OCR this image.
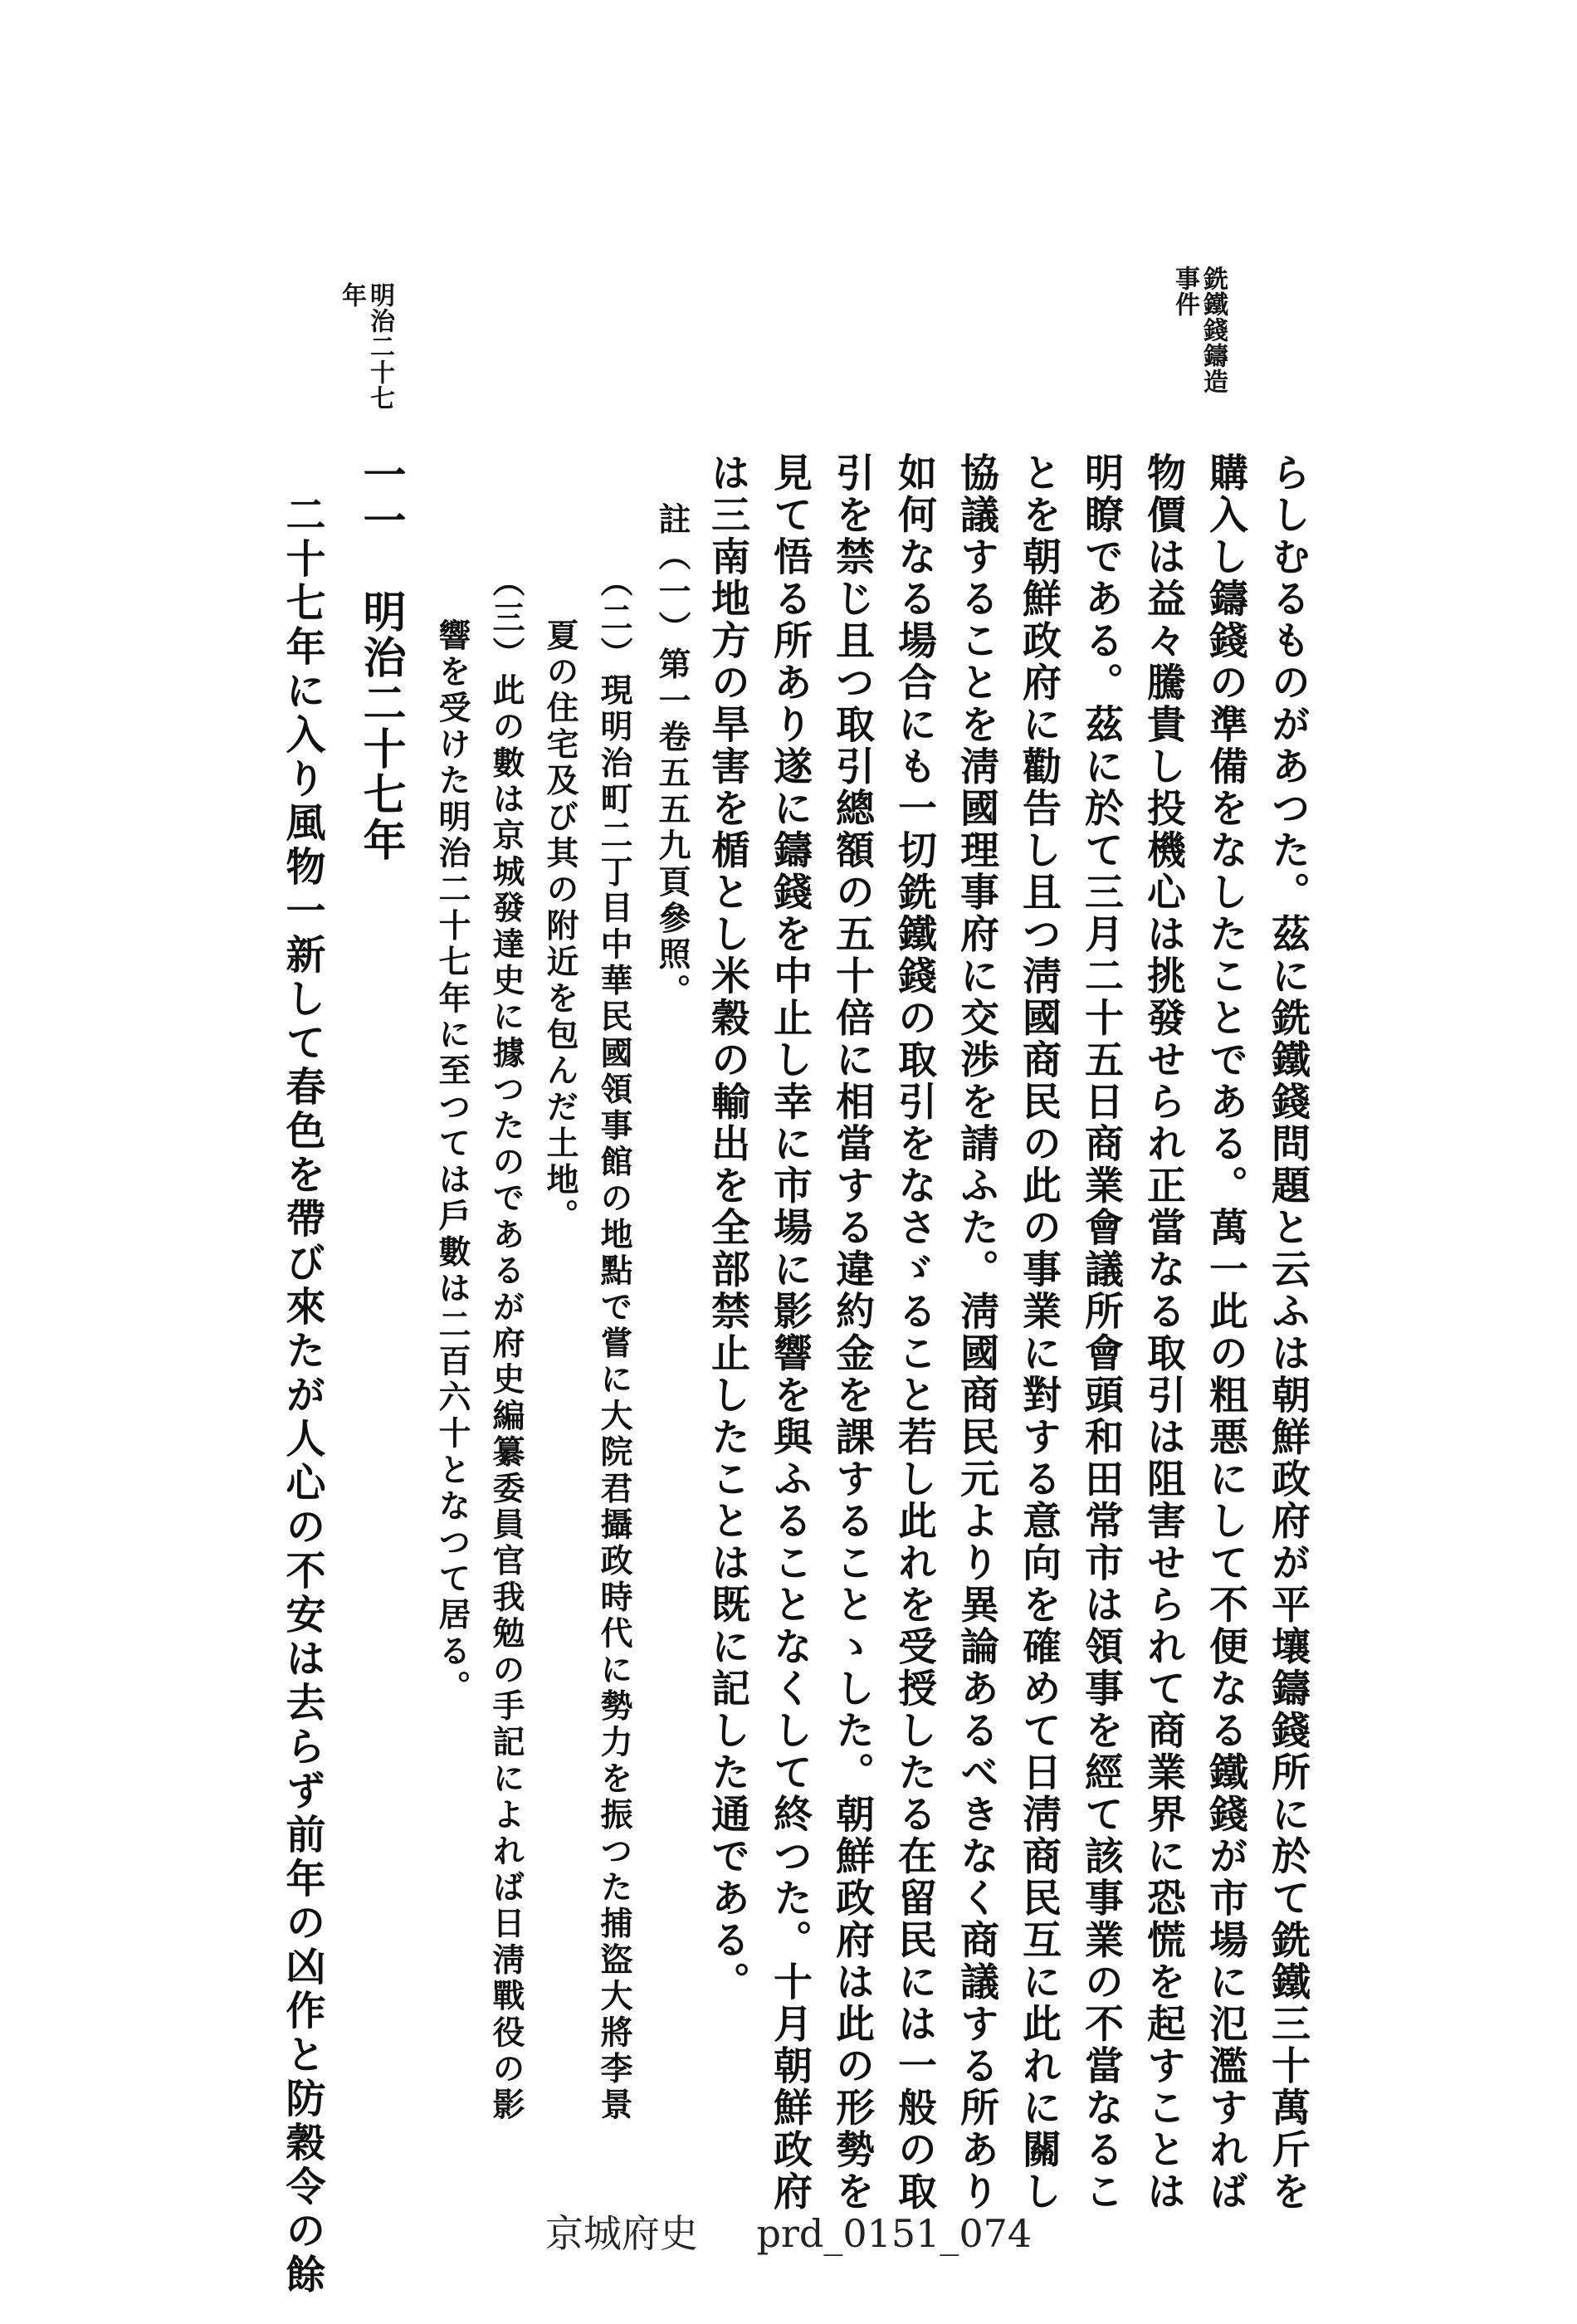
銑鐵錢鑄造
事件
明治二十七
年
らしむるものがあつた。茲に銑鐵錢問題と云ふは朝鮮政府が平壤鑄錢所に於て銑鐵三十萬斤を
購入し鑄錢の準備をなしたことである。萬一此の粗悪にして不便なる鐵錢が市場に氾濫すれば
物價は益々騰貴し投機心は挑發せられ正當なる取引は阻害せられて商業界に恐慌を起すことは
明瞭である。茲に於て三月二十五日商業會議所會頭和田常市は領事を經て該事業の不當なるこ
とを朝鮮政府に勸告し且つ淸國商民の此の事業に對する意向を確めて日淸商民互に此れに關し
協議することを淸國理事府に交渉を請ふた。淸國商民元より異論あるべきなく商議する所あり
如何なる場合にも一切銑鐵錢の取引をなさゞること若し此れを受授したる在留民には一般の取
引を禁じ且つ取引總額の五十倍に相當する違約金を課することゝした。朝鮮政府は此の形勢を
見て悟る所あり遂に鑄錢を中止し幸に市場に影響を與ふることなくして終つた。十月朝鮮政府
は三南地方の旱害を楯とし米穀の輸出を全部禁止したことは既に記した通である。
註（一）第一卷五五九頁參照。
（二）現明治町二丁目中華民國領事館の地點で嘗に大院君攝政時代に勢力を振つた捕盜大將李景
夏の住宅及び其の附近を包んだ土地。
（三）此の數は京城發達史に據つたのであるが府史編纂委員官我勉の手記によれば日淸戰役の影
響を受けた明治二十七年に至つては戶數は二百六十となつて居る。
一一　明治二十七年
二十七年に入り風物一新して春色を帶び來たが人心の不安は去らず前年の凶作と防穀令の餘	京城府史 prd_0151_074
